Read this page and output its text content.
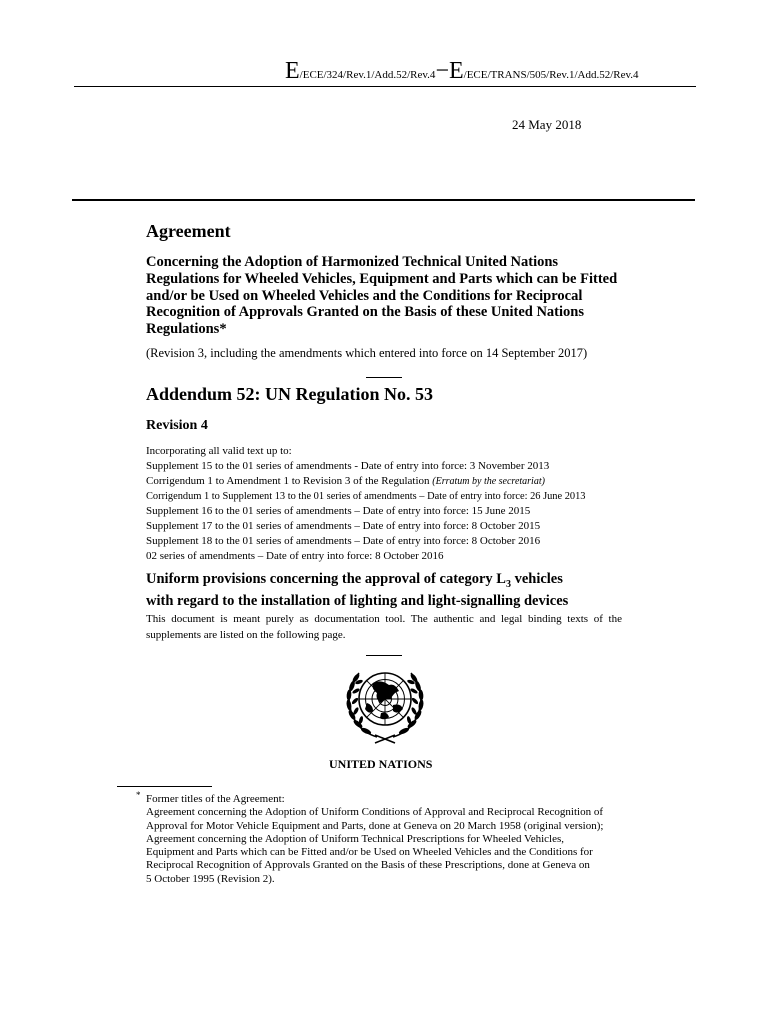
E/ECE/324/Rev.1/Add.52/Rev.4−E/ECE/TRANS/505/Rev.1/Add.52/Rev.4
24 May 2018
Agreement
Concerning the Adoption of Harmonized Technical United Nations Regulations for Wheeled Vehicles, Equipment and Parts which can be Fitted and/or be Used on Wheeled Vehicles and the Conditions for Reciprocal Recognition of Approvals Granted on the Basis of these United Nations Regulations*
(Revision 3, including the amendments which entered into force on 14 September 2017)
Addendum 52: UN Regulation No. 53
Revision 4
Incorporating all valid text up to:
Supplement 15 to the 01 series of amendments - Date of entry into force: 3 November 2013
Corrigendum 1 to Amendment 1 to Revision 3 of the Regulation (Erratum by the secretariat)
Corrigendum 1 to Supplement 13 to the 01 series of amendments – Date of entry into force: 26 June 2013
Supplement 16 to the 01 series of amendments – Date of entry into force: 15 June 2015
Supplement 17 to the 01 series of amendments – Date of entry into force: 8 October 2015
Supplement 18 to the 01 series of amendments – Date of entry into force: 8 October 2016
02 series of amendments – Date of entry into force: 8 October 2016
Uniform provisions concerning the approval of category $L_3$ vehicles
with regard to the installation of lighting and light-signalling devices
This document is meant purely as documentation tool. The authentic and legal binding texts of the supplements are listed on the following page.
UNITED NATIONS
* Former titles of the Agreement:
Agreement concerning the Adoption of Uniform Conditions of Approval and Reciprocal Recognition of
Approval for Motor Vehicle Equipment and Parts, done at Geneva on 20 March 1958 (original version);
Agreement concerning the Adoption of Uniform Technical Prescriptions for Wheeled Vehicles,
Equipment and Parts which can be Fitted and/or be Used on Wheeled Vehicles and the Conditions for
Reciprocal Recognition of Approvals Granted on the Basis of these Prescriptions, done at Geneva on
5 October 1995 (Revision 2).
